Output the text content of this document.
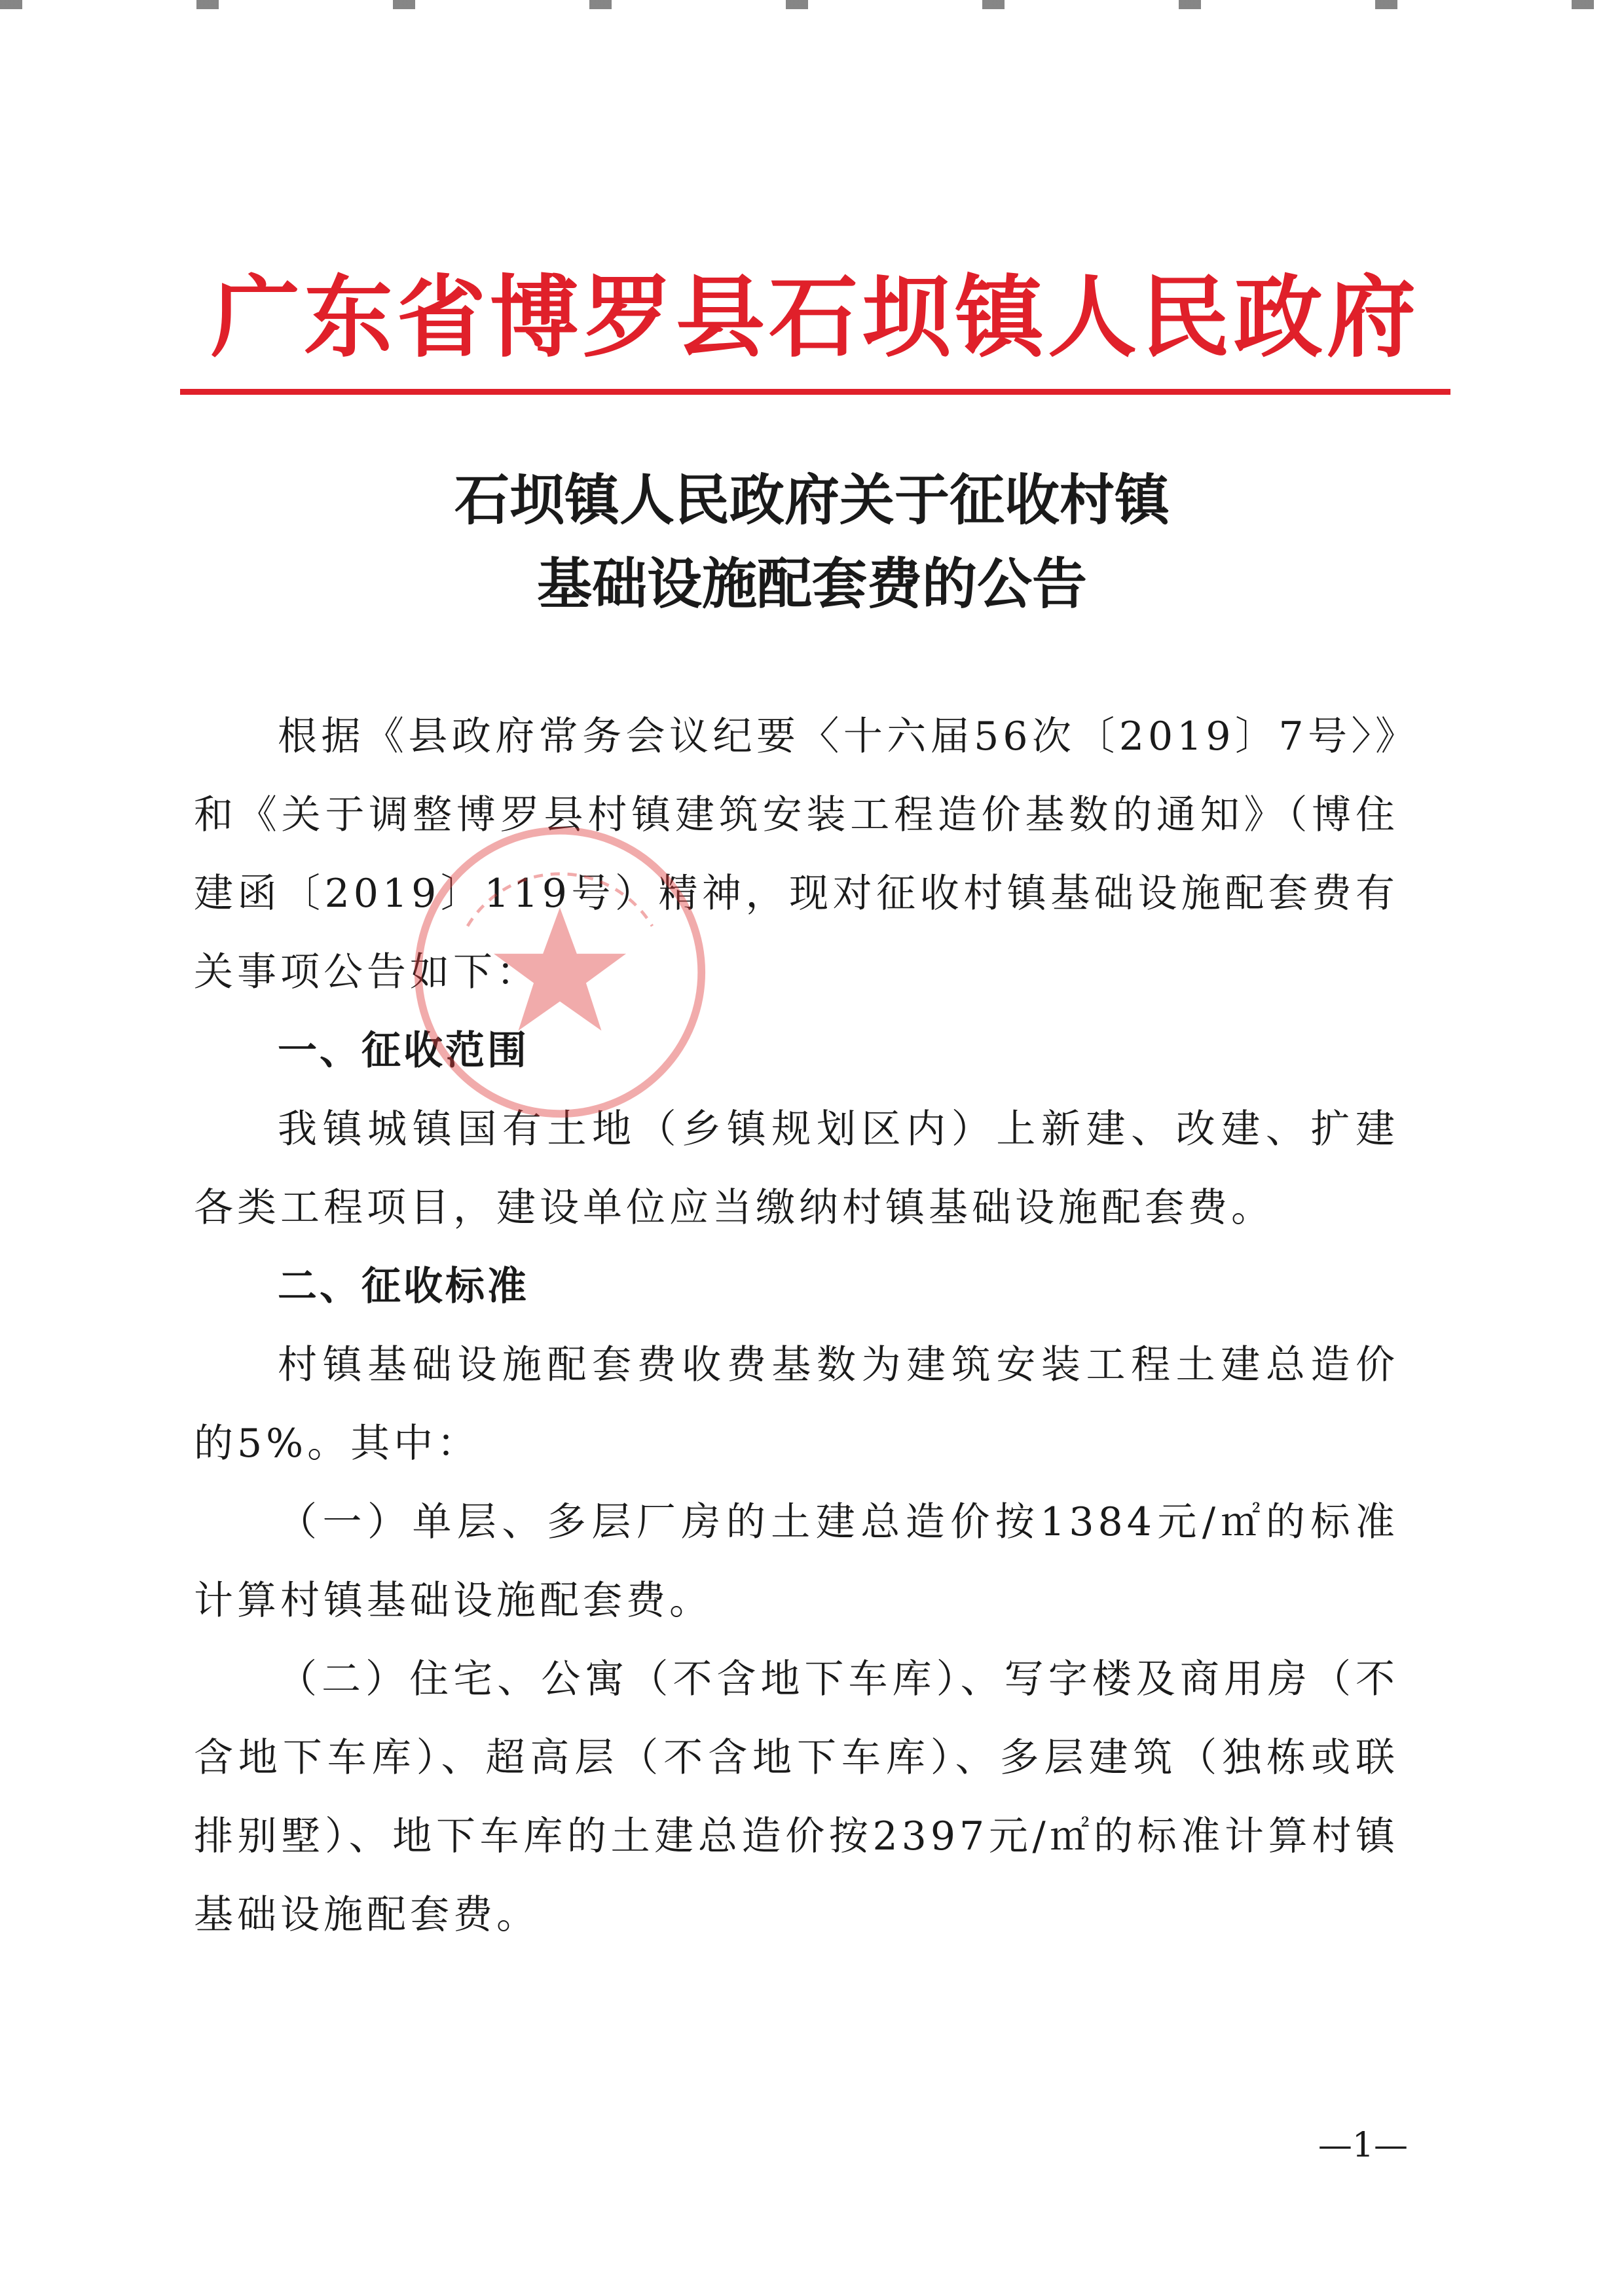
广东省博罗县石坝镇人民政府
石坝镇人民政府关于征收村镇
基础设施配套费的公告

根据《县政府常务会议纪要〈十六届56次〔2019〕7号〉》和《关于调整博罗县村镇建筑安装工程造价基数的通知》（博住建函〔2019〕119号）精神，现对征收村镇基础设施配套费有关事项公告如下：

一、征收范围

我镇城镇国有土地（乡镇规划区内）上新建、改建、扩建各类工程项目，建设单位应当缴纳村镇基础设施配套费。

二、征收标准

村镇基础设施配套费收费基数为建筑安装工程土建总造价的5%。其中：

（一）单层、多层厂房的土建总造价按1384元/㎡的标准计算村镇基础设施配套费。

（二）住宅、公寓（不含地下车库）、写字楼及商用房（不含地下车库）、超高层（不含地下车库）、多层建筑（独栋或联排别墅）、地下车库的土建总造价按2397元/㎡的标准计算村镇基础设施配套费。

—1—
